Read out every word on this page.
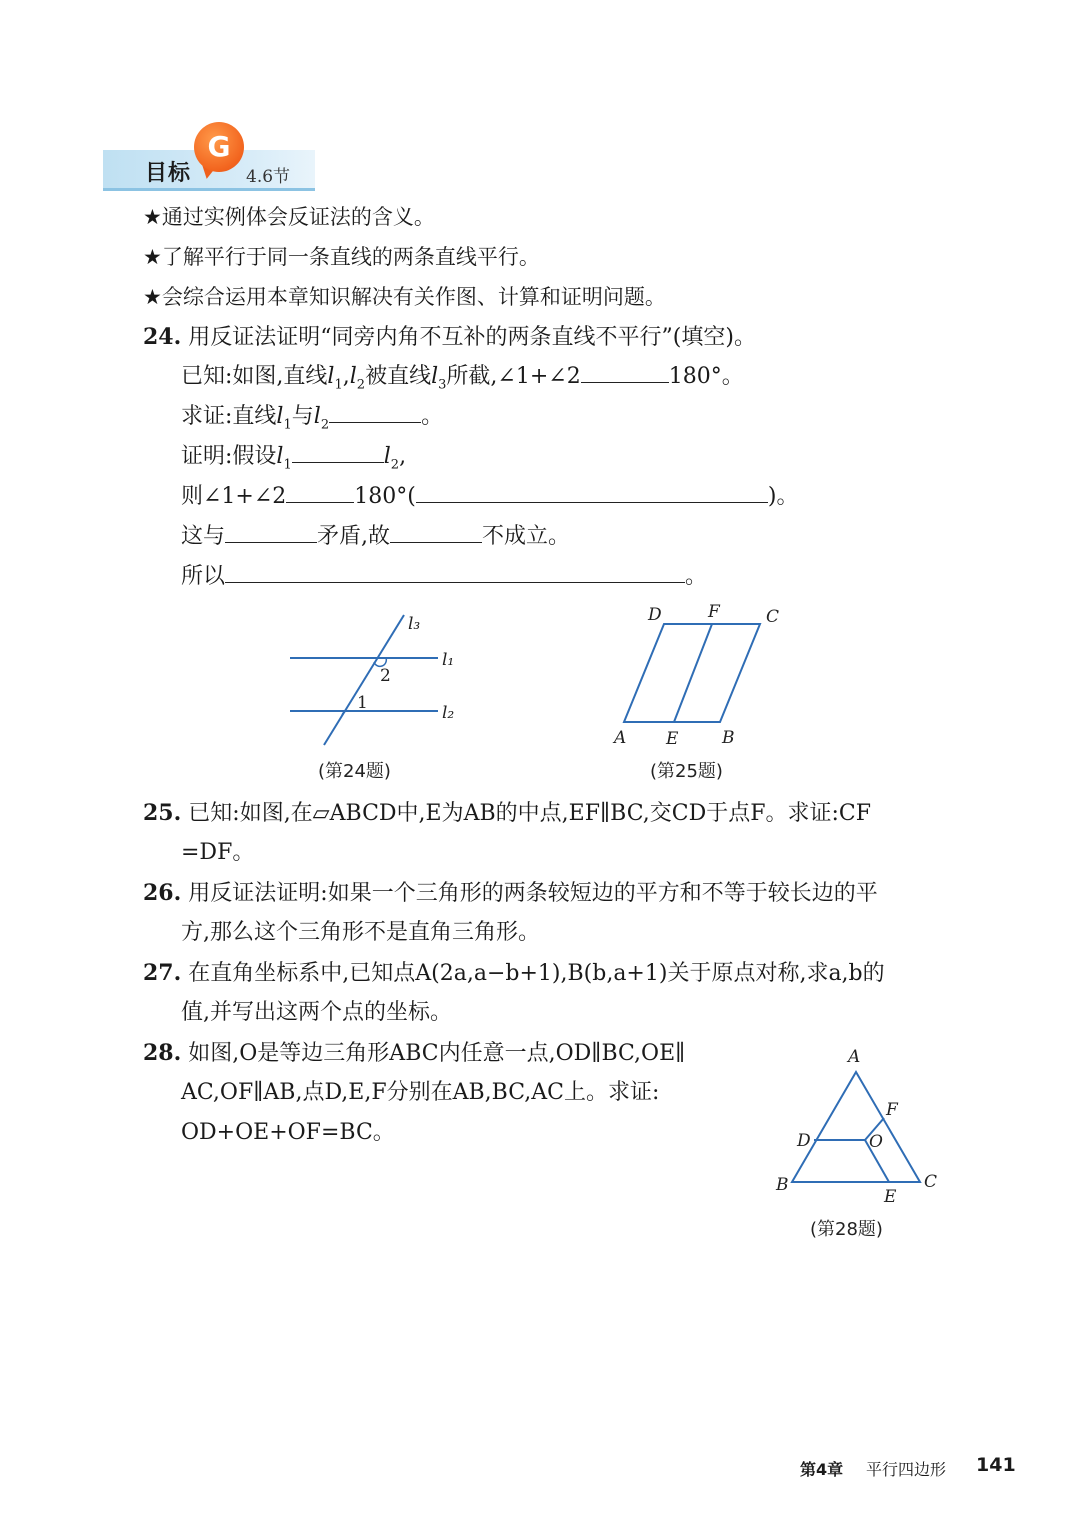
G
目标	4.6节
★通过实例体会反证法的含义。
★了解平行于同一条直线的两条直线平行。
★会综合运用本章知识解决有关作图、计算和证明问题。
24. 用反证法证明“同旁内角不互补的两条直线不平行”(填空)。
已知:如图,直线$l_1,l_2$被直线$l_3$所截,∠1+∠2	180°。
求证:直线$l_1$与$l_2$	。
证明:假设$l_1$	$l_2$,
则∠1+∠2	180°(	)。
这与	矛盾,故	不成立。
所以	。
l₃
l₁
l₂
2
1
(第24题)
D	F	C
A E	B
(第25题)
25. 已知:如图,在▱ABCD中,E为AB的中点,EF∥BC,交CD于点F。求证:CF
=DF。
26. 用反证法证明:如果一个三角形的两条较短边的平方和不等于较长边的平
方,那么这个三角形不是直角三角形。
27. 在直角坐标系中,已知点A(2a,a−b+1),B(b,a+1)关于原点对称,求a,b的
值,并写出这两个点的坐标。
28. 如图,O是等边三角形ABC内任意一点,OD∥BC,OE∥
AC,OF∥AB,点D,E,F分别在AB,BC,AC上。求证:
OD+OE+OF=BC。
A
F
D	O
B	C
E
(第28题)
第4章 平行四边形 141
